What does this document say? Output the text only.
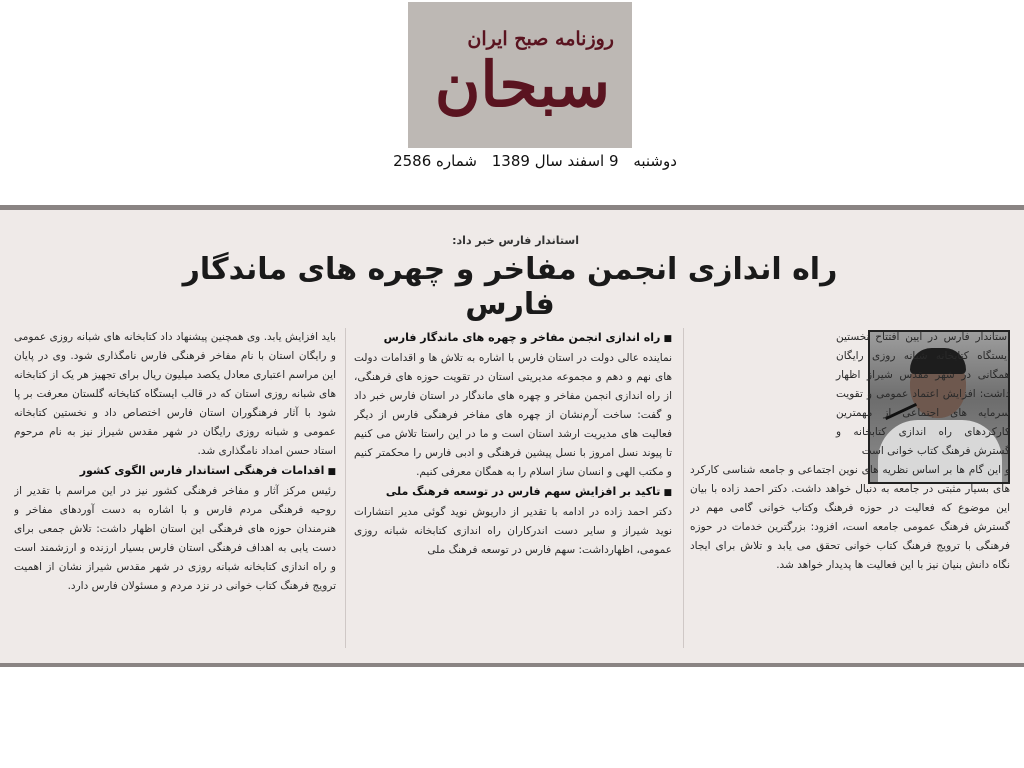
روزنامه صبح ایران
سبحان
دوشنبه 9 اسفند سال 1389 شماره 2586
استاندار فارس خبر داد:
راه اندازی انجمن مفاخر و چهره های ماندگار فارس

استاندار فارس در آیین افتتاح نخستین ایستگاه کتابخانه شبانه روزی رایگان همگانی در شهر مقدس شیراز اظهار داشت: افزایش اعتماد عمومی و تقویت سرمایه های اجتماعی از مهمترین کارکردهای راه اندازی کتابخانه و گسترش فرهنگ کتاب خوانی است

و این گام ها بر اساس نظریه های نوین اجتماعی و جامعه شناسی کارکرد های بسیار مثبتی در جامعه به دنبال خواهد داشت. دکتر احمد زاده با بیان این موضوع که فعالیت در حوزه فرهنگ وکتاب خوانی گامی مهم در گسترش فرهنگ عمومی جامعه است، افزود: بزرگترین خدمات در حوزه فرهنگی با ترویج فرهنگ کتاب خوانی تحقق می یابد و تلاش برای ایجاد نگاه دانش بنیان نیز با این فعالیت ها پدیدار خواهد شد.

■ راه اندازی انجمن مفاخر و چهره های ماندگار فارس

نماینده عالی دولت در استان فارس با اشاره به تلاش ها و اقدامات دولت های نهم و دهم و مجموعه مدیریتی استان در تقویت حوزه های فرهنگی، از راه اندازی انجمن مفاخر و چهره های ماندگار در استان فارس خبر داد و گفت: ساخت آرم‌نشان از چهره های مفاخر فرهنگی فارس از دیگر فعالیت های مدیریت ارشد استان است و ما در این راستا تلاش می کنیم تا پیوند نسل امروز با نسل پیشین فرهنگی و ادبی فارس را محکمتر کنیم و مکتب الهی و انسان ساز اسلام را به همگان معرفی کنیم.

■ تاکید بر افزایش سهم فارس در توسعه فرهنگ ملی

دکتر احمد زاده در ادامه با تقدیر از داریوش نوید گوئی مدیر انتشارات نوید شیراز و سایر دست اندرکاران راه اندازی کتابخانه شبانه روزی عمومی، اظهارداشت: سهم فارس در توسعه فرهنگ ملی

باید افزایش یابد. وی همچنین پیشنهاد داد کتابخانه های شبانه روزی عمومی و رایگان استان با نام مفاخر فرهنگی فارس نامگذاری شود. وی در پایان این مراسم اعتباری معادل یکصد میلیون ریال برای تجهیز هر یک از کتابخانه های شبانه روزی استان که در قالب ایستگاه کتابخانه گلستان معرفت بر پا شود با آثار فرهنگوران استان فارس اختصاص داد و نخستین کتابخانه عمومی و شبانه روزی رایگان در شهر مقدس شیراز نیز به نام مرحوم استاد حسن امداد نامگذاری شد.

■ اقدامات فرهنگی استاندار فارس الگوی کشور

رئیس مرکز آثار و مفاخر فرهنگی کشور نیز در این مراسم با تقدیر از روحیه فرهنگی مردم فارس و با اشاره به دست آوردهای مفاخر و هنرمندان حوزه های فرهنگی این استان اظهار داشت: تلاش جمعی برای دست یابی به اهداف فرهنگی استان فارس بسیار ارزنده و ارزشمند است و راه اندازی کتابخانه شبانه روزی در شهر مقدس شیراز نشان از اهمیت ترویج فرهنگ کتاب خوانی در نزد مردم و مسئولان فارس دارد.
